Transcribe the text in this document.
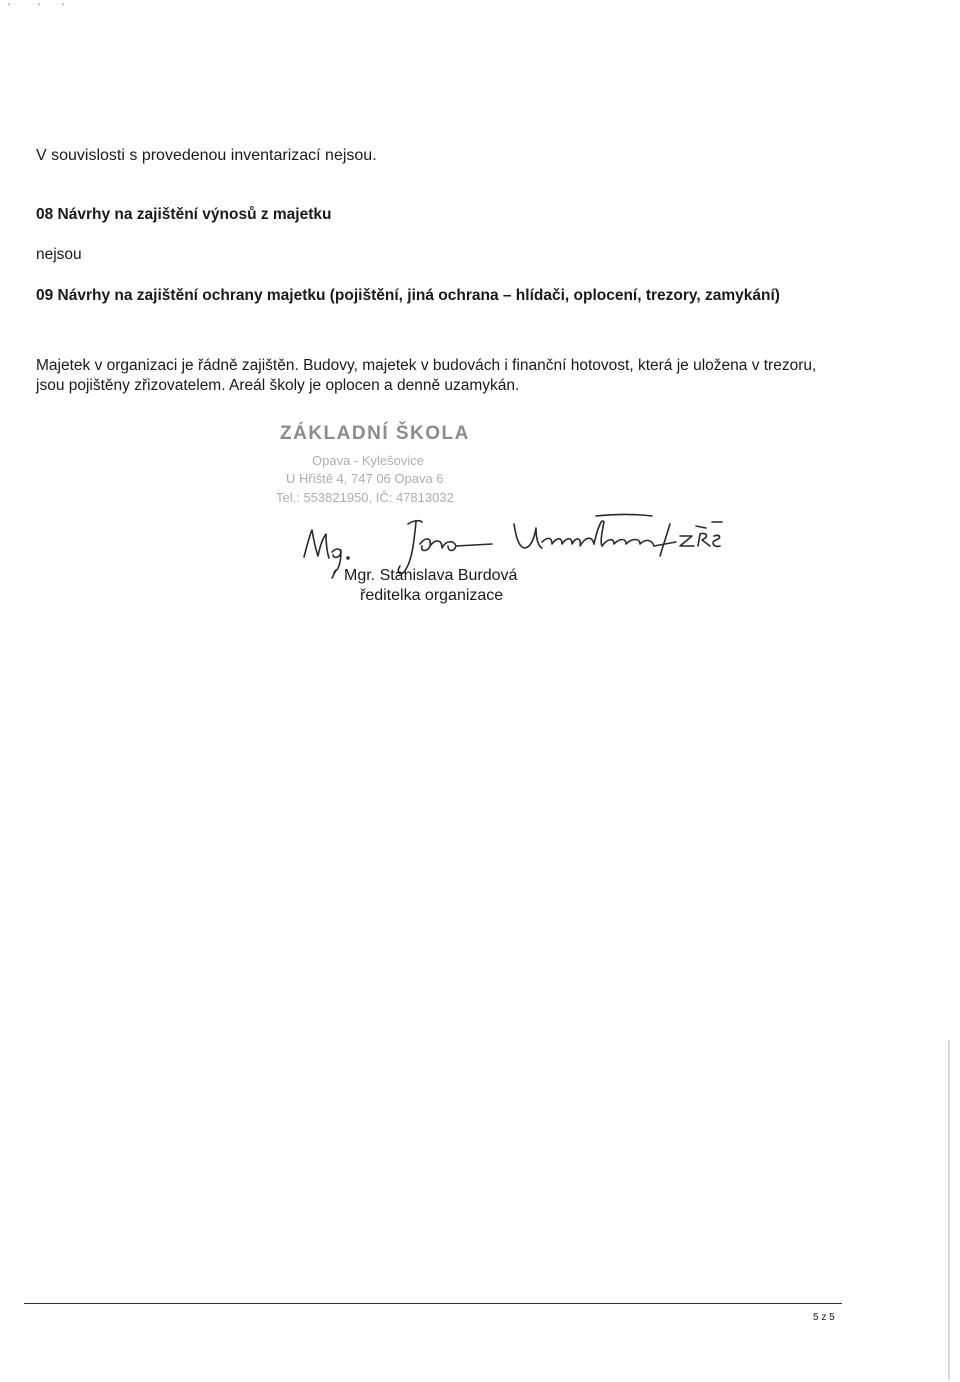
V souvislosti s provedenou inventarizací nejsou.
08 Návrhy na zajištění výnosů z majetku
nejsou
09 Návrhy na zajištění ochrany majetku (pojištění, jiná ochrana – hlídači, oplocení, trezory, zamykání)
Majetek v organizaci je řádně zajištěn. Budovy, majetek v budovách i finanční hotovost, která je uložena v trezoru, jsou pojištěny zřizovatelem. Areál školy je oplocen a denně uzamykán.
ZÁKLADNÍ ŠKOLA
Opava - Kylešovice
U Hřiště 4, 747 06 Opava 6
Tel.: 553821950, IČ: 47813032
Mgr. Stanislava Burdová
ředitelka organizace
5 z 5
